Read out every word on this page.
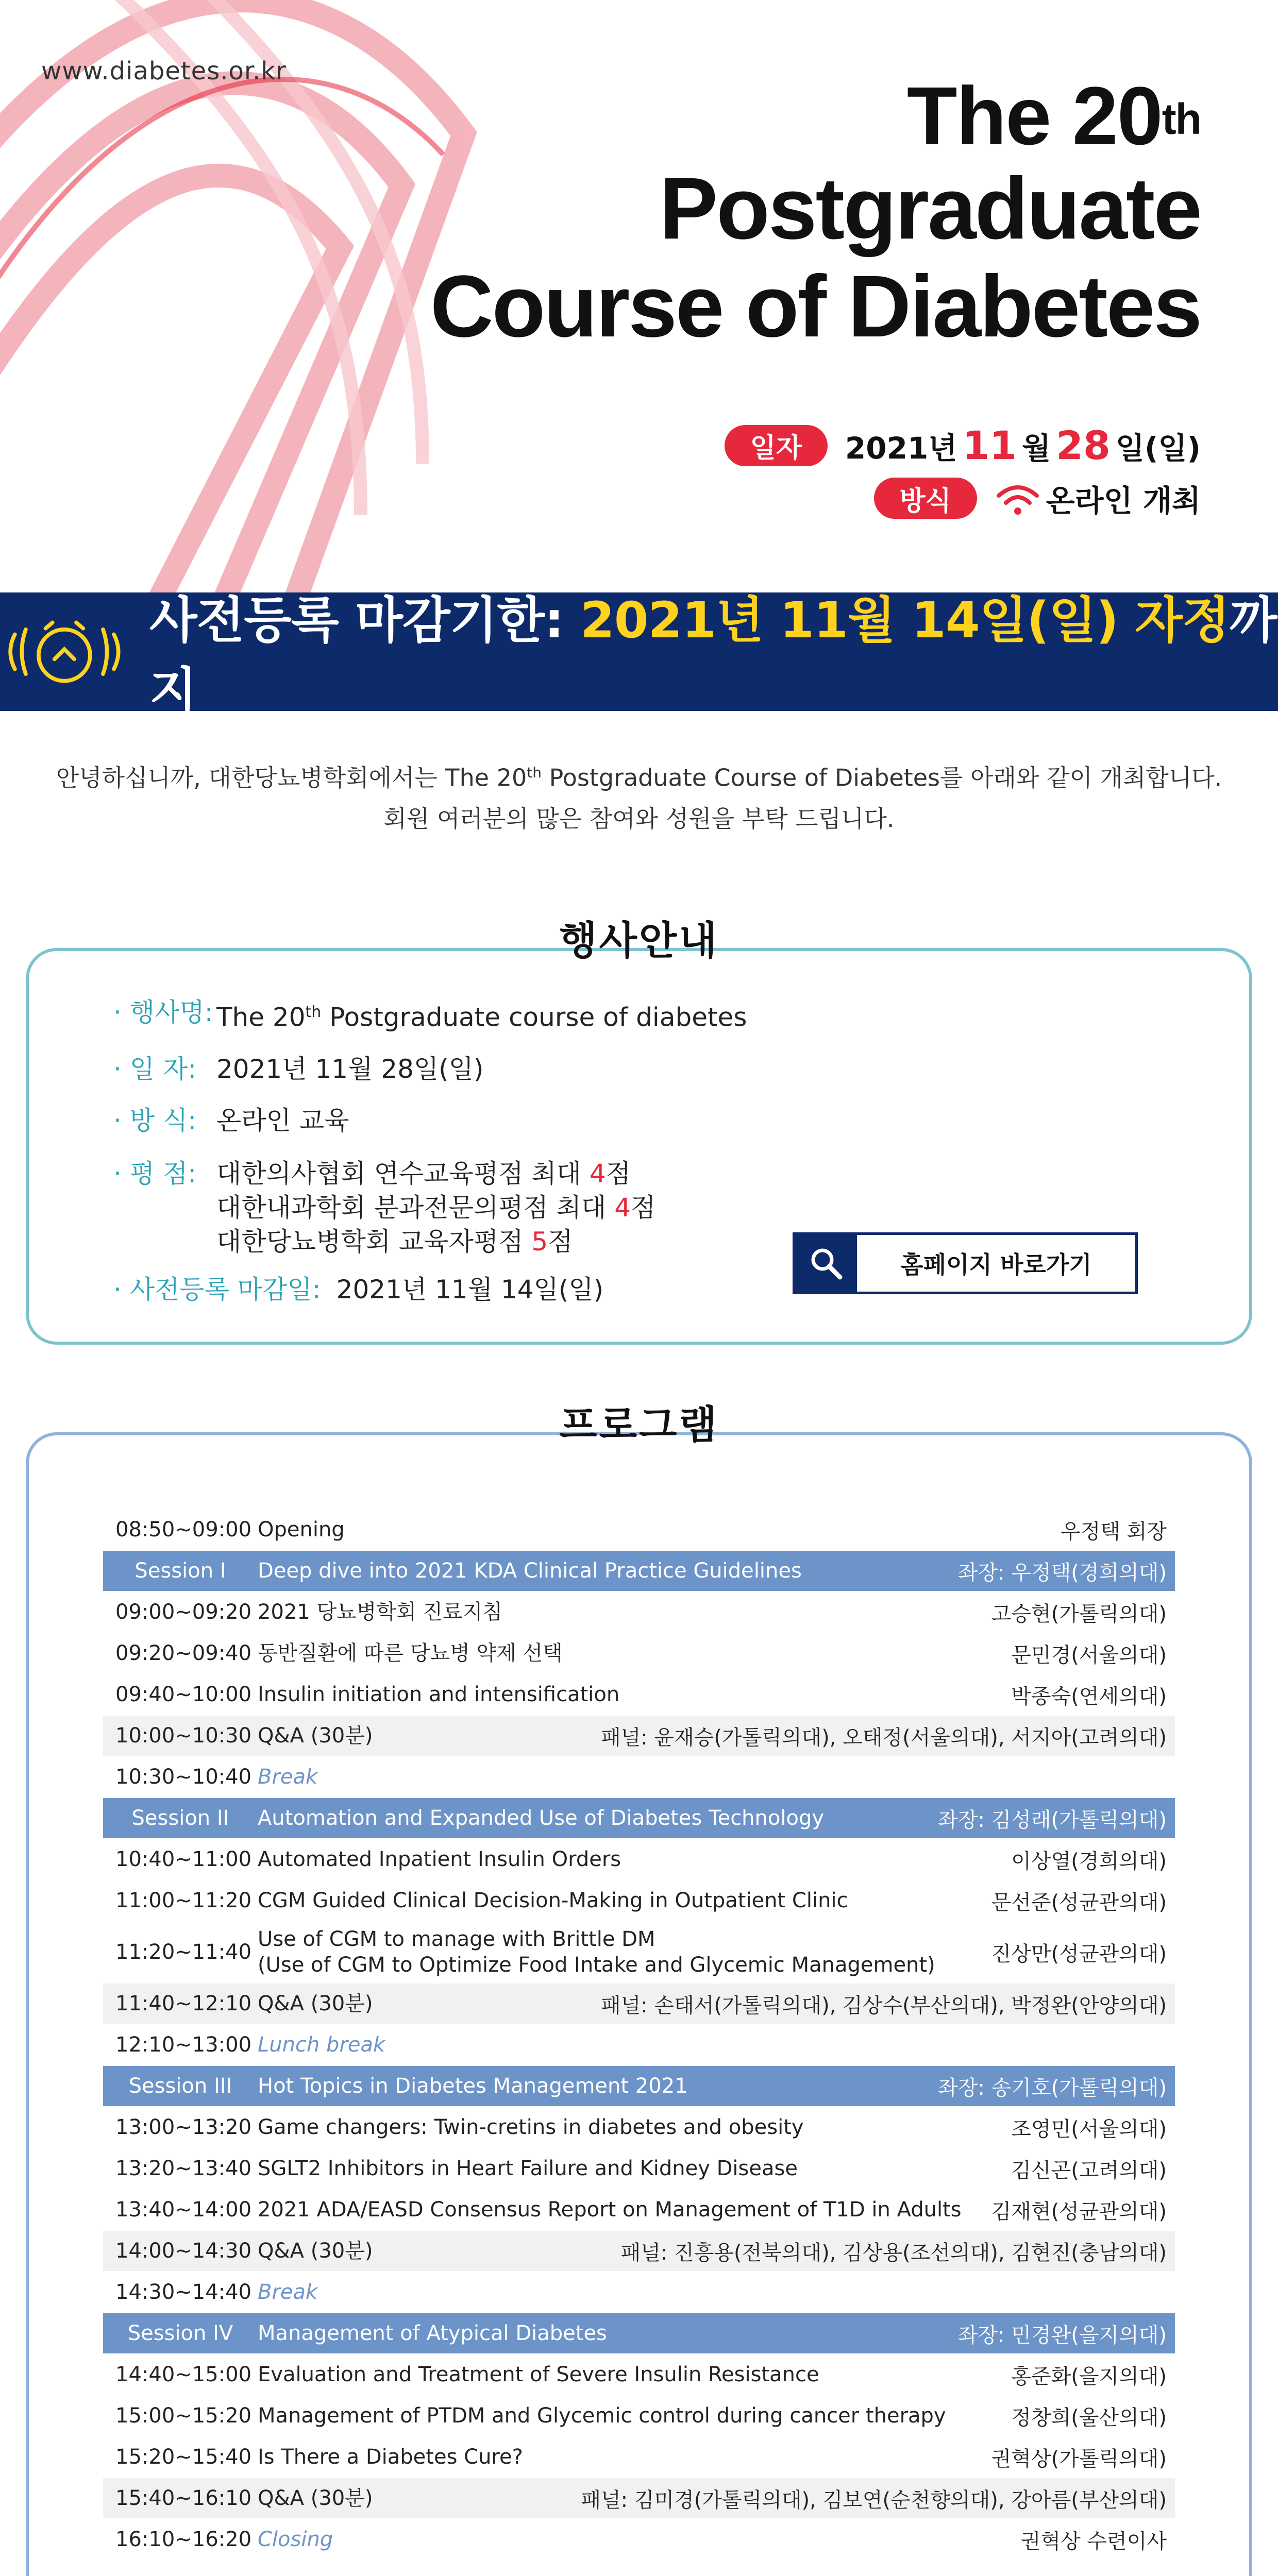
www.diabetes.or.kr	The 20th
Postgraduate
Course of Diabetes
일자	2021년 11 월 28 일(일)
방식	온라인 개최
사전등록 마감기한: 2021년 11월 14일(일) 자정까지
안녕하십니까, 대한당뇨병학회에서는 The 20th Postgraduate Course of Diabetes를 아래와 같이 개최합니다.
회원 여러분의 많은 참여와 성원을 부탁 드립니다.
행사안내
· 행사명: The 20th Postgraduate course of diabetes
· 일 자: 2021년 11월 28일(일)
· 방 식: 온라인 교육
· 평 점: 대한의사협회 연수교육평점 최대 4점
대한내과학회 분과전문의평점 최대 4점
대한당뇨병학회 교육자평점 5점
· 사전등록 마감일: 2021년 11월 14일(일)
홈페이지 바로가기
프로그램
08:50~09:00 Opening	우정택 회장
Session I	Deep dive into 2021 KDA Clinical Practice Guidelines	좌장: 우정택(경희의대)
09:00~09:20 2021 당뇨병학회 진료지침	고승현(가톨릭의대)
09:20~09:40 동반질환에 따른 당뇨병 약제 선택	문민경(서울의대)
09:40~10:00 Insulin initiation and intensification	박종숙(연세의대)
10:00~10:30 Q&A (30분)	패널: 윤재승(가톨릭의대), 오태정(서울의대), 서지아(고려의대)
10:30~10:40 Break
Session II	Automation and Expanded Use of Diabetes Technology	좌장: 김성래(가톨릭의대)
10:40~11:00 Automated Inpatient Insulin Orders	이상열(경희의대)
11:00~11:20 CGM Guided Clinical Decision-Making in Outpatient Clinic	문선준(성균관의대)
11:20~11:40
Use of CGM to manage with Brittle DM
(Use of CGM to Optimize Food Intake and Glycemic Management)	진상만(성균관의대)
11:40~12:10 Q&A (30분)	패널: 손태서(가톨릭의대), 김상수(부산의대), 박정완(안양의대)
12:10~13:00 Lunch break
Session III	Hot Topics in Diabetes Management 2021	좌장: 송기호(가톨릭의대)
13:00~13:20 Game changers: Twin-cretins in diabetes and obesity	조영민(서울의대)
13:20~13:40 SGLT2 Inhibitors in Heart Failure and Kidney Disease	김신곤(고려의대)
13:40~14:00 2021 ADA/EASD Consensus Report on Management of T1D in Adults	김재현(성균관의대)
14:00~14:30 Q&A (30분)	패널: 진흥용(전북의대), 김상용(조선의대), 김현진(충남의대)
14:30~14:40 Break
Session IV	Management of Atypical Diabetes	좌장: 민경완(을지의대)
14:40~15:00 Evaluation and Treatment of Severe Insulin Resistance	홍준화(을지의대)
15:00~15:20 Management of PTDM and Glycemic control during cancer therapy	정창희(울산의대)
15:20~15:40 Is There a Diabetes Cure?	권혁상(가톨릭의대)
15:40~16:10 Q&A (30분)	패널: 김미경(가톨릭의대), 김보연(순천향의대), 강아름(부산의대)
16:10~16:20 Closing	권혁상 수련이사
